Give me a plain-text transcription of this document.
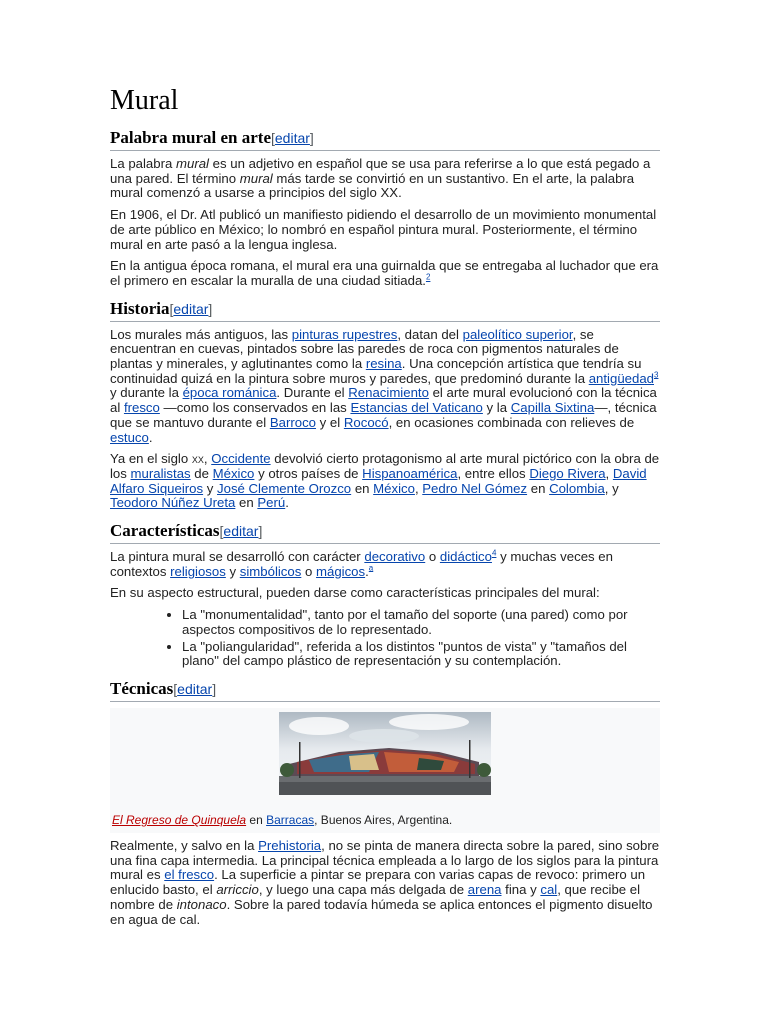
Mural
Palabra mural en arte[editar]

La palabra mural es un adjetivo en español que se usa para referirse a lo que está pegado a una pared. El término mural más tarde se convirtió en un sustantivo. En el arte, la palabra mural comenzó a usarse a principios del siglo XX.

En 1906, el Dr. Atl publicó un manifiesto pidiendo el desarrollo de un movimiento monumental de arte público en México; lo nombró en español pintura mural. Posteriormente, el término mural en arte pasó a la lengua inglesa.

En la antigua época romana, el mural era una guirnalda que se entregaba al luchador que era el primero en escalar la muralla de una ciudad sitiada.$^2$

Historia[editar]

Los murales más antiguos, las pinturas rupestres, datan del paleolítico superior, se encuentran en cuevas, pintados sobre las paredes de roca con pigmentos naturales de plantas y minerales, y aglutinantes como la resina. Una concepción artística que tendría su continuidad quizá en la pintura sobre muros y paredes, que predominó durante la antigüedad$^3$ y durante la época románica. Durante el Renacimiento el arte mural evolucionó con la técnica al fresco —como los conservados en las Estancias del Vaticano y la Capilla Sixtina—, técnica que se mantuvo durante el Barroco y el Rococó, en ocasiones combinada con relieves de estuco.

Ya en el siglo xx, Occidente devolvió cierto protagonismo al arte mural pictórico con la obra de los muralistas de México y otros países de Hispanoamérica, entre ellos Diego Rivera, David Alfaro Siqueiros y José Clemente Orozco en México, Pedro Nel Gómez en Colombia, y Teodoro Núñez Ureta en Perú.

Características[editar]

La pintura mural se desarrolló con carácter decorativo o didáctico$^4$ y muchas veces en contextos religiosos y simbólicos o mágicos.$^a$

En su aspecto estructural, pueden darse como características principales del mural:

• La "monumentalidad", tanto por el tamaño del soporte (una pared) como por aspectos compositivos de lo representado.
• La "poliangularidad", referida a los distintos "puntos de vista" y "tamaños del plano" del campo plástico de representación y su contemplación.
Técnicas[editar]
El Regreso de Quinquela en Barracas, Buenos Aires, Argentina.

Realmente, y salvo en la Prehistoria, no se pinta de manera directa sobre la pared, sino sobre una fina capa intermedia. La principal técnica empleada a lo largo de los siglos para la pintura mural es el fresco. La superficie a pintar se prepara con varias capas de revoco: primero un enlucido basto, el arriccio, y luego una capa más delgada de arena fina y cal, que recibe el nombre de intonaco. Sobre la pared todavía húmeda se aplica entonces el pigmento disuelto en agua de cal.
